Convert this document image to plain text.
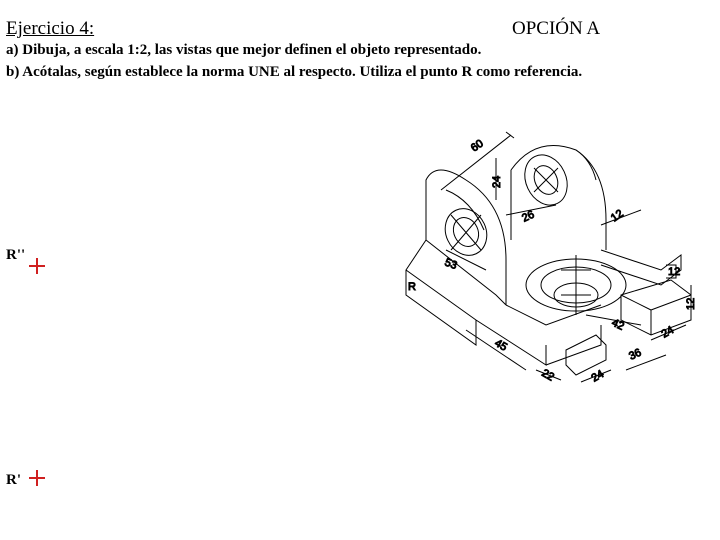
Ejercicio 4:	OPCIÓN A
a) Dibuja, a escala 1:2, las vistas que mejor definen el objeto representado.
b) Acótalas, según establece la norma UNE al respecto. Utiliza el punto R como referencia.
R''
R'
R
60
24
26	12
53	12
12
42	24
45
22	24
36
